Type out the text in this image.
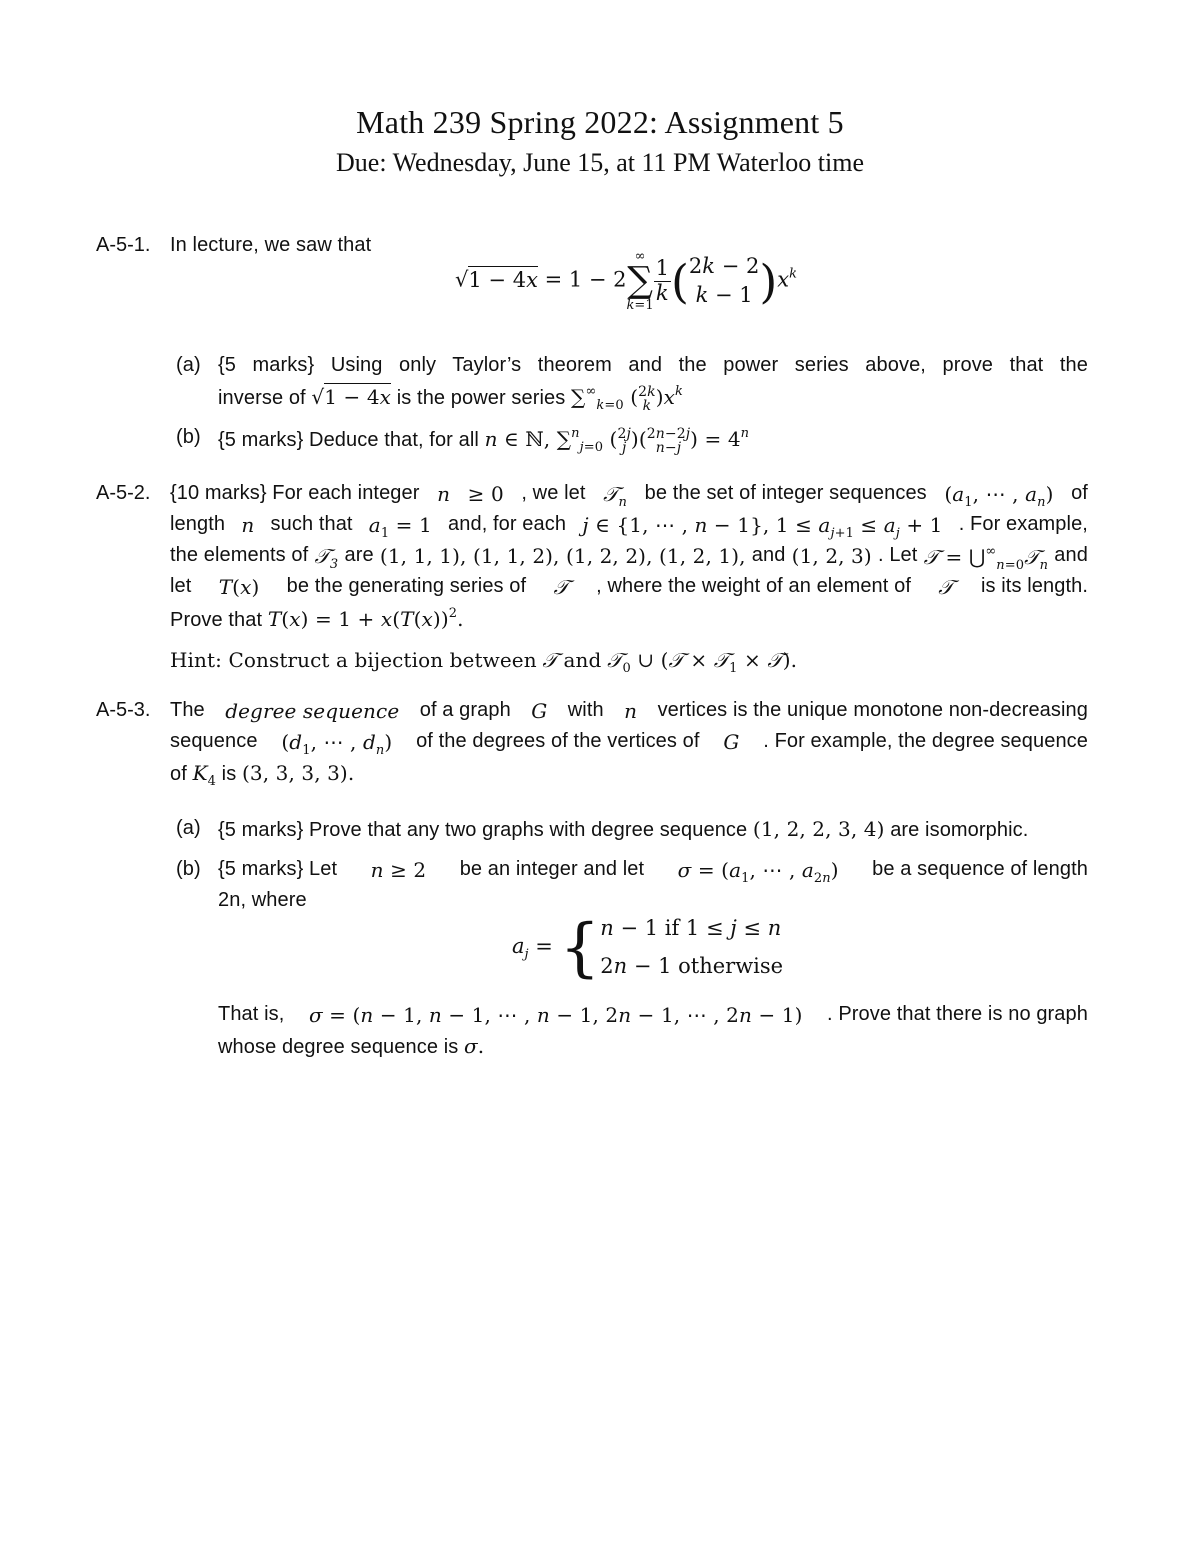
Math 239 Spring 2022: Assignment 5
Due: Wednesday, June 15, at 11 PM Waterloo time
A-5-1. In lecture, we saw that
√1 − 4x = 1 − 2
∞
∑
k=1
$\frac{1}{k} (2k - 2$
k − 1 )$x^k$
(a) {5 marks} Using only Taylor’s theorem and the power series above, prove that the
inverse of √1 − 4x is the power series $\sum^\infty_{k=0}$ (2k
k )$x^k$
(b) {5 marks} Deduce that, for all n ∈ ℕ, ∑$^n_{j=0}$ (2j
j )(2n−2j
n−j ) = $4^n$
A-5-2. {10 marks} For each integer n ≥ 0 , we let 𝒯$_n$ be the set of integer sequences ($a_1$, ⋯ , $a_n$) of
length n such that $a_1 = 1$ and, for each j ∈ {1, ⋯ , n − 1}, $1 \le a_{j+1} \le a_j + 1$ . For example,
the elements of 𝒯$_3$ are (1, 1, 1), (1, 1, 2), (1, 2, 2), (1, 2, 1), and (1, 2, 3) . Let 𝒯 = $⋃^\infty_{n=0}𝒯_n$ and
let T(x) be the generating series of 𝒯 , where the weight of an element of 𝒯 is its length.
Prove that $T(x) = 1 + x(T(x))^2$.
Hint: Construct a bijection between 𝒯 and 𝒯$_0$ ∪ (𝒯 × 𝒯$_1$ × 𝒯).
A-5-3. The degree sequence of a graph G with n vertices is the unique monotone non-decreasing
sequence ($d_1$, ⋯ , $d_n$) of the degrees of the vertices of G . For example, the degree sequence
of $K_4$ is (3, 3, 3, 3).
(a) {5 marks} Prove that any two graphs with degree sequence (1, 2, 2, 3, 4) are isomorphic.
(b) {5 marks} Let n ≥ 2 be an integer and let $\sigma = (a_1$, ⋯ , $a_{2n}$) be a sequence of length
2n, where
$a_j = \{n - 1$ if 1 ≤ j ≤ n
2n − 1 otherwise
That is, σ = (n − 1, n − 1, ⋯ , n − 1, 2n − 1, ⋯ , 2n − 1) . Prove that there is no graph
whose degree sequence is σ.
